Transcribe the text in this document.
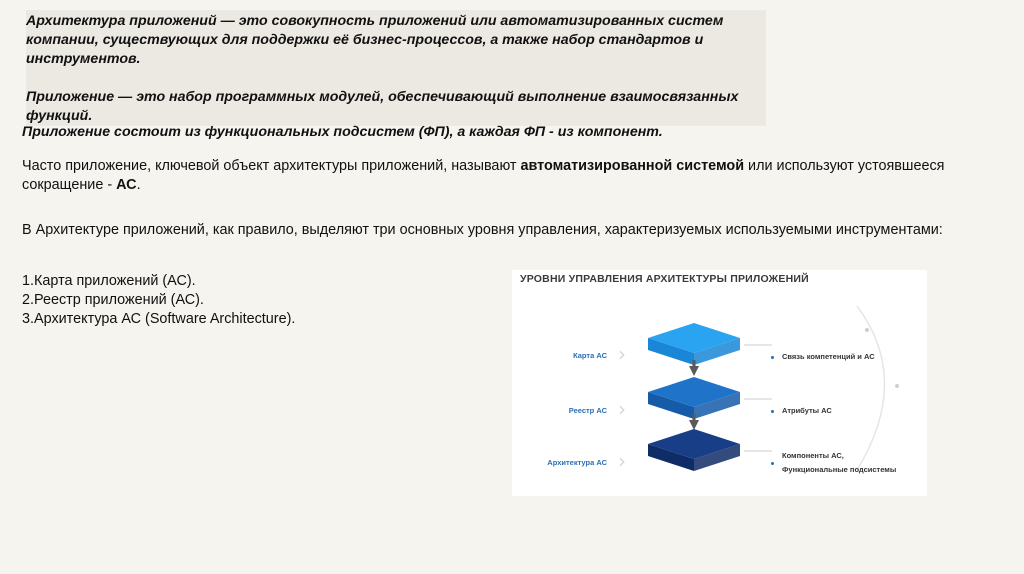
Архитектура приложений — это совокупность приложений или автоматизированных систем компании, существующих для поддержки её бизнес-процессов, а также набор стандартов и инструментов.

Приложение — это набор программных модулей, обеспечивающий выполнение взаимосвязанных функций.

Приложение состоит из функциональных подсистем (ФП), а каждая ФП - из компонент.

Часто приложение, ключевой объект архитектуры приложений, называют автоматизированной системой или используют устоявшееся сокращение - АС.

В Архитектуре приложений, как правило, выделяют три основных уровня управления, характеризуемых используемыми инструментами:

1.Карта приложений (АС).
2.Реестр приложений (АС).
3.Архитектура АС (Software Architecture).
УРОВНИ УПРАВЛЕНИЯ АРХИТЕКТУРЫ ПРИЛОЖЕНИЙ
Карта АС
Реестр АС
Архитектура АС
›
›
›
Связь компетенций и АС
Атрибуты АС
Компоненты АС,
Функциональные подсистемы
